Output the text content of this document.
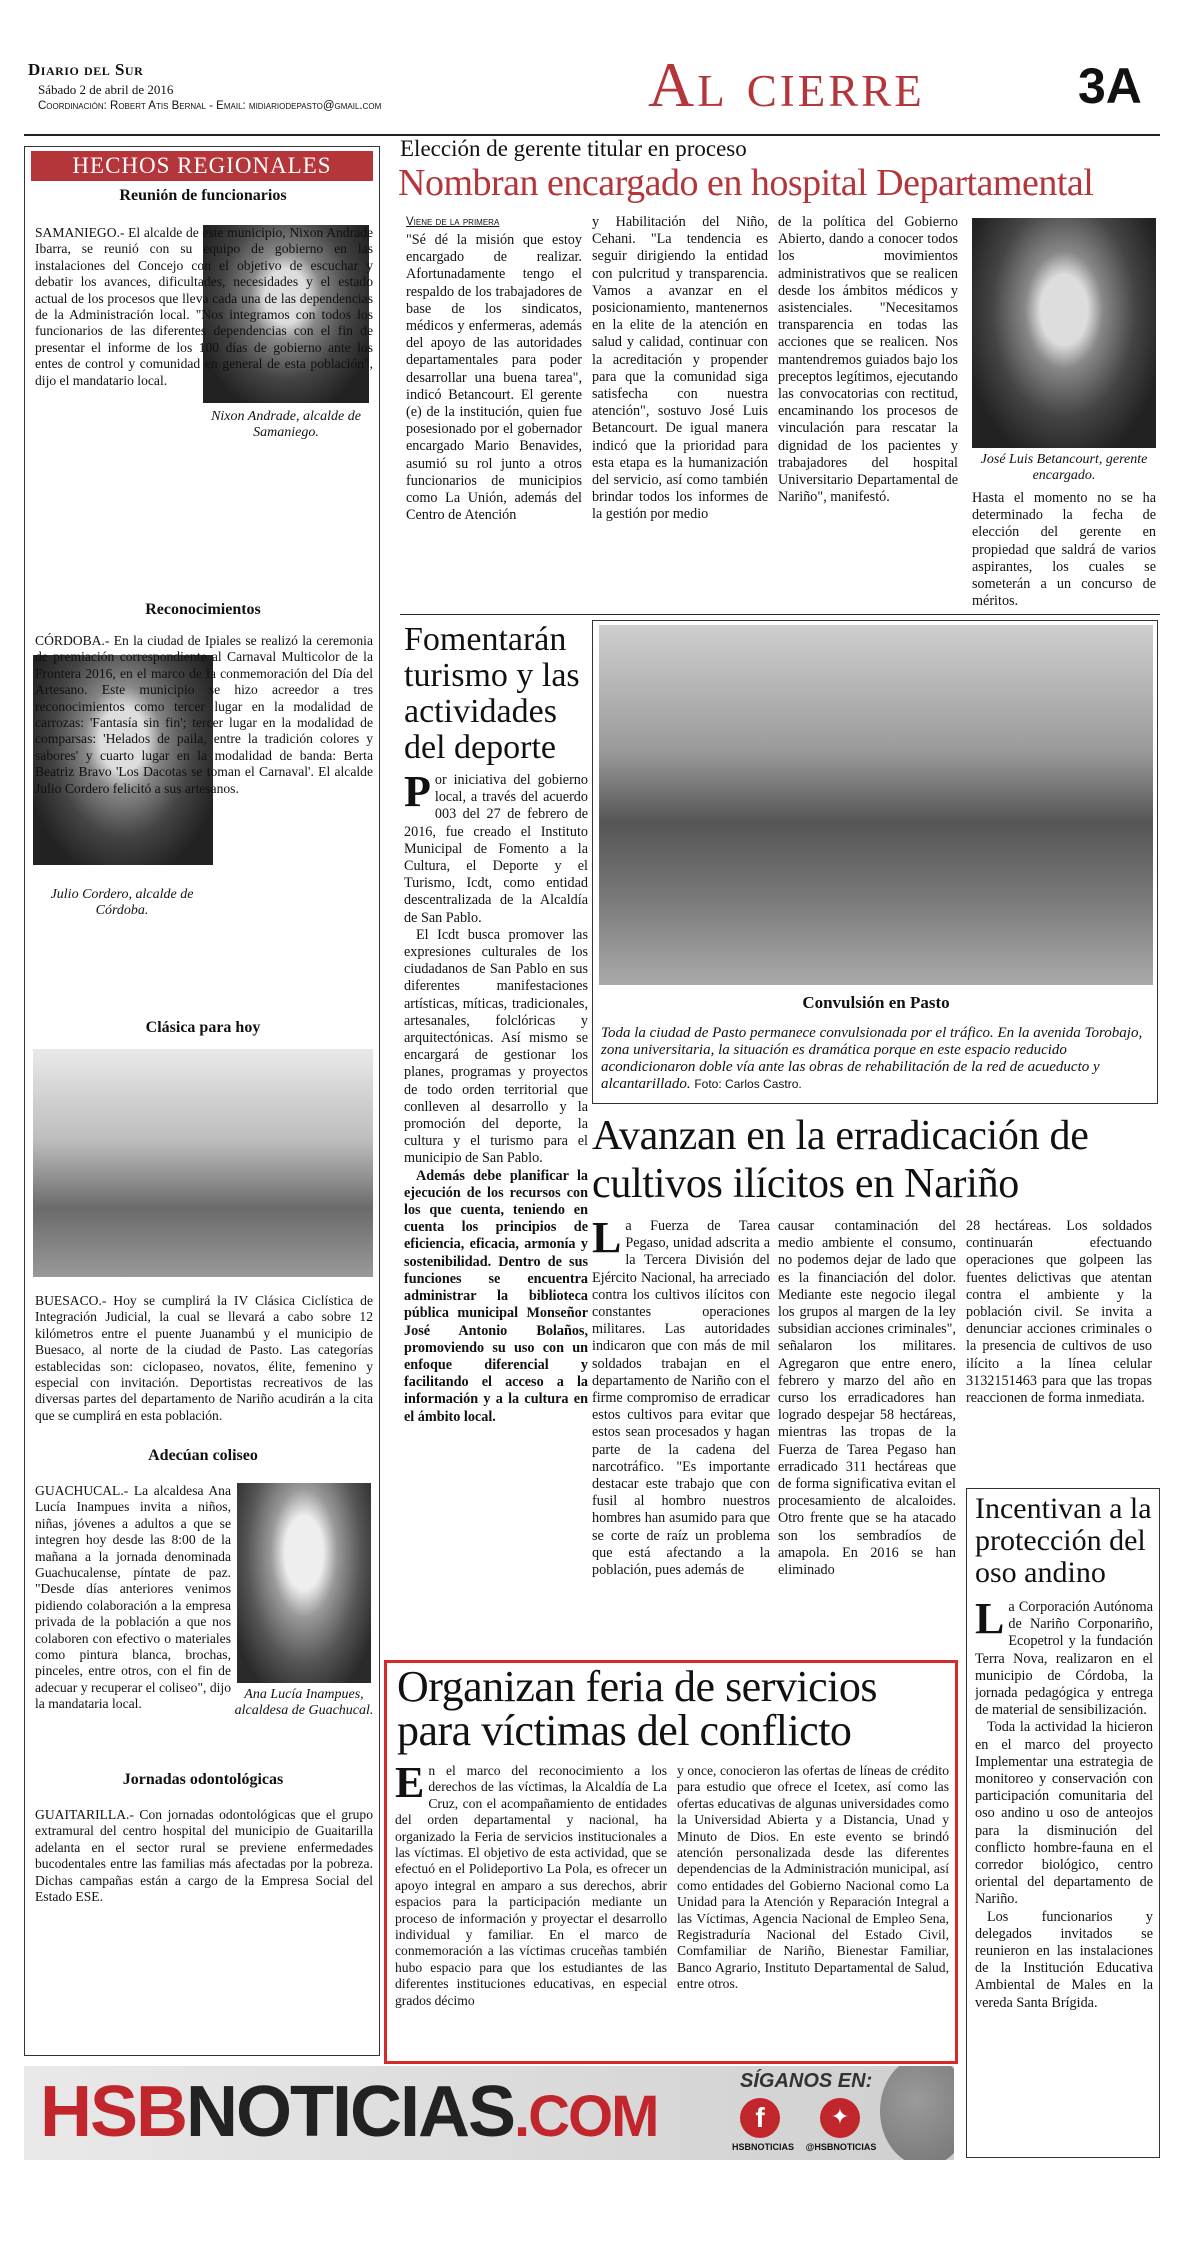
Diario del Sur
Sábado 2 de abril de 2016
Coordinación: Robert Atis Bernal - Email: midiariodepasto@gmail.com	Al cierre	3A
HECHOS REGIONALES
Reunión de funcionarios
Nixon Andrade, alcalde de Samaniego.
SAMANIEGO.- El alcalde de este municipio, Nixon Andrade Ibarra, se reunió con su equipo de gobierno en las instalaciones del Concejo con el objetivo de escuchar y debatir los avances, dificultades, necesidades y el estado actual de los procesos que lleva cada una de las dependencias de la Administración local. "Nos integramos con todos los funcionarios de las diferentes dependencias con el fin de presentar el informe de los 100 días de gobierno ante los entes de control y comunidad en general de esta población", dijo el mandatario local.
Reconocimientos
Julio Cordero, alcalde de Córdoba.
CÓRDOBA.- En la ciudad de Ipiales se realizó la ceremonia de premiación correspondiente al Carnaval Multicolor de la Frontera 2016, en el marco de la conmemoración del Día del Artesano. Este municipio se hizo acreedor a tres reconocimientos como tercer lugar en la modalidad de carrozas: 'Fantasía sin fin'; tercer lugar en la modalidad de comparsas: 'Helados de paila, entre la tradición colores y sabores' y cuarto lugar en la modalidad de banda: Berta Beatriz Bravo 'Los Dacotas se toman el Carnaval'. El alcalde Julio Cordero felicitó a sus artesanos.
Clásica para hoy
BUESACO.- Hoy se cumplirá la IV Clásica Ciclística de Integración Judicial, la cual se llevará a cabo sobre 12 kilómetros entre el puente Juanambú y el municipio de Buesaco, al norte de la ciudad de Pasto. Las categorías establecidas son: ciclopaseo, novatos, élite, femenino y especial con invitación. Deportistas recreativos de las diversas partes del departamento de Nariño acudirán a la cita que se cumplirá en esta población.
Adecúan coliseo
Ana Lucía Inampues, alcaldesa de Guachucal.
GUACHUCAL.- La alcaldesa Ana Lucía Inampues invita a niños, niñas, jóvenes a adultos a que se integren hoy desde las 8:00 de la mañana a la jornada denominada Guachucalense, píntate de paz. "Desde días anteriores venimos pidiendo colaboración a la empresa privada de la población a que nos colaboren con efectivo o materiales como pintura blanca, brochas, pinceles, entre otros, con el fin de adecuar y recuperar el coliseo", dijo la mandataria local.
Jornadas odontológicas
GUAITARILLA.- Con jornadas odontológicas que el grupo extramural del centro hospital del municipio de Guaitarilla adelanta en el sector rural se previene enfermedades bucodentales entre las familias más afectadas por la pobreza. Dichas campañas están a cargo de la Empresa Social del Estado ESE.
Elección de gerente titular en proceso
Nombran encargado en hospital Departamental
Viene de la primera
"Sé dé la misión que estoy encargado de realizar. Afortunadamente tengo el respaldo de los trabajadores de base de los sindicatos, médicos y enfermeras, además del apoyo de las autoridades departamentales para poder desarrollar una buena tarea", indicó Betancourt. El gerente (e) de la institución, quien fue posesionado por el gobernador encargado Mario Benavides, asumió su rol junto a otros funcionarios de municipios como La Unión, además del Centro de Atención
y Habilitación del Niño, Cehani. "La tendencia es seguir dirigiendo la entidad con pulcritud y transparencia. Vamos a avanzar en el posicionamiento, mantenernos en la elite de la atención en salud y calidad, continuar con la acreditación y propender para que la comunidad siga satisfecha con nuestra atención", sostuvo José Luis Betancourt. De igual manera indicó que la prioridad para esta etapa es la humanización del servicio, así como también brindar todos los informes de la gestión por medio
de la política del Gobierno Abierto, dando a conocer todos los movimientos administrativos que se realicen desde los ámbitos médicos y asistenciales. "Necesitamos transparencia en todas las acciones que se realicen. Nos mantendremos guiados bajo los preceptos legítimos, ejecutando las convocatorias con rectitud, encaminando los procesos de vinculación para rescatar la dignidad de los pacientes y trabajadores del hospital Universitario Departamental de Nariño", manifestó.
José Luis Betancourt, gerente encargado.
Hasta el momento no se ha determinado la fecha de elección del gerente en propiedad que saldrá de varios aspirantes, los cuales se someterán a un concurso de méritos.
Fomentarán turismo y las actividades del deporte
P or iniciativa del gobierno local, a través del acuerdo 003 del 27 de febrero de 2016, fue creado el Instituto Municipal de Fomento a la Cultura, el Deporte y el Turismo, Icdt, como entidad descentralizada de la Alcaldía de San Pablo.

El Icdt busca promover las expresiones culturales de los ciudadanos de San Pablo en sus diferentes manifestaciones artísticas, míticas, tradicionales, artesanales, folclóricas y arquitectónicas. Así mismo se encargará de gestionar los planes, programas y proyectos de todo orden territorial que conlleven al desarrollo y la promoción del deporte, la cultura y el turismo para el municipio de San Pablo.

Además debe planificar la ejecución de los recursos con los que cuenta, teniendo en cuenta los principios de eficiencia, eficacia, armonía y sostenibilidad. Dentro de sus funciones se encuentra administrar la biblioteca pública municipal Monseñor José Antonio Bolaños, promoviendo su uso con un enfoque diferencial y facilitando el acceso a la información y a la cultura en el ámbito local.

Convulsión en Pasto
Toda la ciudad de Pasto permanece convulsionada por el tráfico. En la avenida Torobajo, zona universitaria, la situación es dramática porque en este espacio reducido acondicionaron doble vía ante las obras de rehabilitación de la red de acueducto y alcantarillado. Foto: Carlos Castro.
Avanzan en la erradicación de cultivos ilícitos en Nariño
L a Fuerza de Tarea Pegaso, unidad adscrita a la Tercera División del Ejército Nacional, ha arreciado contra los cultivos ilícitos con constantes operaciones militares. Las autoridades indicaron que con más de mil soldados trabajan en el departamento de Nariño con el firme compromiso de erradicar estos cultivos para evitar que estos sean procesados y hagan parte de la cadena del narcotráfico. "Es importante destacar este trabajo que con fusil al hombro nuestros hombres han asumido para que se corte de raíz un problema que está afectando a la población, pues además de
causar contaminación del medio ambiente el consumo, no podemos dejar de lado que es la financiación del dolor. Mediante este negocio ilegal los grupos al margen de la ley subsidian acciones criminales", señalaron los militares. Agregaron que entre enero, febrero y marzo del año en curso los erradicadores han logrado despejar 58 hectáreas, mientras las tropas de la Fuerza de Tarea Pegaso han erradicado 311 hectáreas que de forma significativa evitan el procesamiento de alcaloides. Otro frente que se ha atacado son los sembradíos de amapola. En 2016 se han eliminado
28 hectáreas. Los soldados continuarán efectuando operaciones que golpeen las fuentes delictivas que atentan contra el ambiente y la población civil. Se invita a denunciar acciones criminales o la presencia de cultivos de uso ilícito a la línea celular 3132151463 para que las tropas reaccionen de forma inmediata.
Incentivan a la protección del oso andino
L a Corporación Autónoma de Nariño Corponariño, Ecopetrol y la fundación Terra Nova, realizaron en el municipio de Córdoba, la jornada pedagógica y entrega de material de sensibilización.

Toda la actividad la hicieron en el marco del proyecto Implementar una estrategia de monitoreo y conservación con participación comunitaria del oso andino u oso de anteojos para la disminución del conflicto hombre-fauna en el corredor biológico, centro oriental del departamento de Nariño.

Los funcionarios y delegados invitados se reunieron en las instalaciones de la Institución Educativa Ambiental de Males en la vereda Santa Brígida.

Organizan feria de servicios para víctimas del conflicto
E n el marco del reconocimiento a los derechos de las víctimas, la Alcaldía de La Cruz, con el acompañamiento de entidades del orden departamental y nacional, ha organizado la Feria de servicios institucionales a las víctimas. El objetivo de esta actividad, que se efectuó en el Polideportivo La Pola, es ofrecer un apoyo integral en amparo a sus derechos, abrir espacios para la participación mediante un proceso de información y proyectar el desarrollo individual y familiar. En el marco de conmemoración a las víctimas cruceñas también hubo espacio para que los estudiantes de las diferentes instituciones educativas, en especial grados décimo
y once, conocieron las ofertas de líneas de crédito para estudio que ofrece el Icetex, así como las ofertas educativas de algunas universidades como la Universidad Abierta y a Distancia, Unad y Minuto de Dios. En este evento se brindó atención personalizada desde las diferentes dependencias de la Administración municipal, así como entidades del Gobierno Nacional como La Unidad para la Atención y Reparación Integral a las Víctimas, Agencia Nacional de Empleo Sena, Registraduría Nacional del Estado Civil, Comfamiliar de Nariño, Bienestar Familiar, Banco Agrario, Instituto Departamental de Salud, entre otros.
HSBNOTICIAS.COM
SÍGANOS EN:
f
HSBNOTICIAS
✦
@HSBNOTICIAS
